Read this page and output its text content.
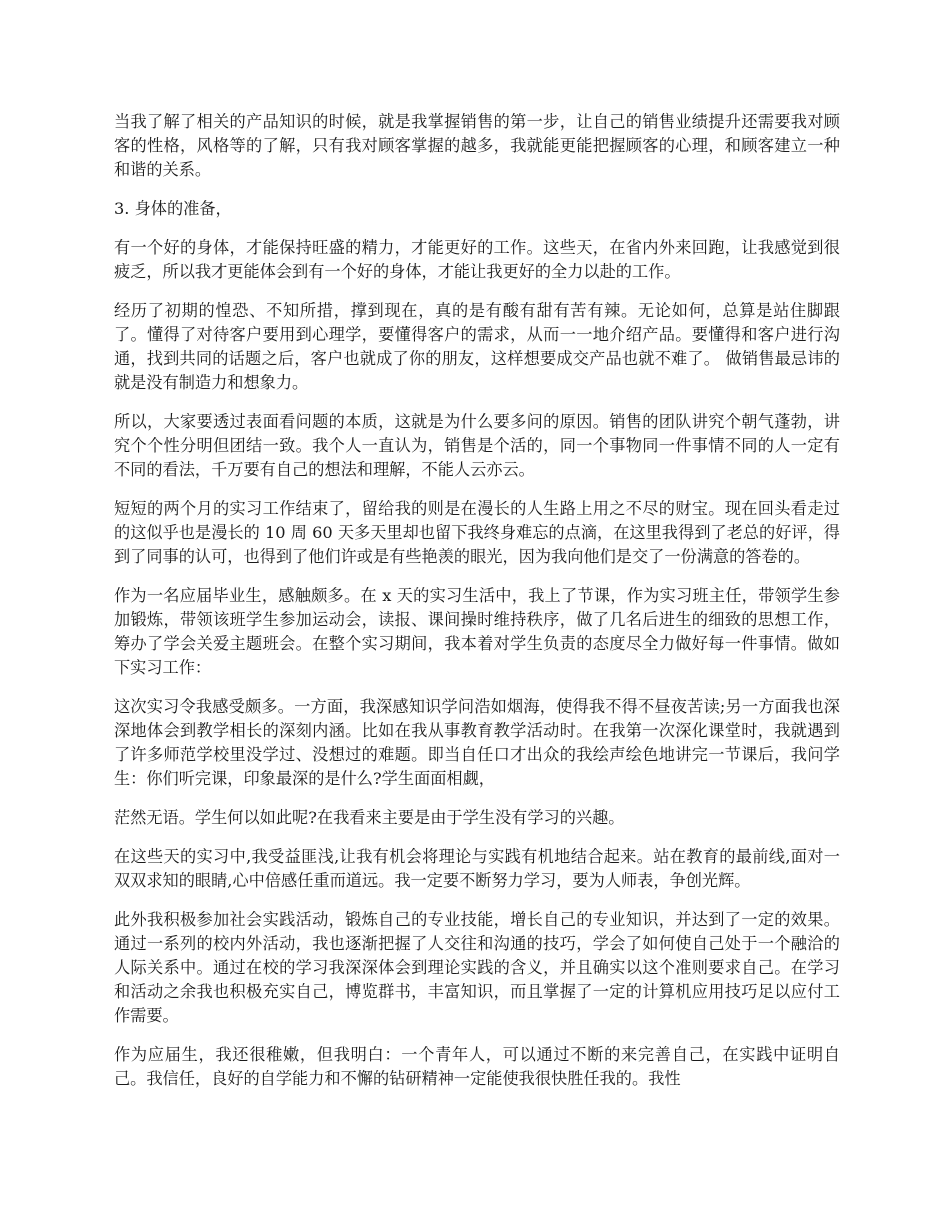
当我了解了相关的产品知识的时候，就是我掌握销售的第一步，让自己的销售业绩提升还需要我对顾客的性格，风格等的了解，只有我对顾客掌握的越多，我就能更能把握顾客的心理，和顾客建立一种和谐的关系。

3. 身体的准备，

有一个好的身体，才能保持旺盛的精力，才能更好的工作。这些天，在省内外来回跑，让我感觉到很疲乏，所以我才更能体会到有一个好的身体，才能让我更好的全力以赴的工作。

经历了初期的惶恐、不知所措，撑到现在，真的是有酸有甜有苦有辣。无论如何，总算是站住脚跟了。懂得了对待客户要用到心理学，要懂得客户的需求，从而一一地介绍产品。要懂得和客户进行沟通，找到共同的话题之后，客户也就成了你的朋友，这样想要成交产品也就不难了。 做销售最忌讳的就是没有制造力和想象力。

所以，大家要透过表面看问题的本质，这就是为什么要多问的原因。销售的团队讲究个朝气蓬勃，讲究个个性分明但团结一致。我个人一直认为，销售是个活的，同一个事物同一件事情不同的人一定有不同的看法，千万要有自己的想法和理解，不能人云亦云。

短短的两个月的实习工作结束了，留给我的则是在漫长的人生路上用之不尽的财宝。现在回头看走过的这似乎也是漫长的 10 周 60 天多天里却也留下我终身难忘的点滴，在这里我得到了老总的好评，得到了同事的认可，也得到了他们许或是有些艳羡的眼光，因为我向他们是交了一份满意的答卷的。

作为一名应届毕业生，感触颇多。在 x 天的实习生活中，我上了节课，作为实习班主任，带领学生参加锻炼，带领该班学生参加运动会，读报、课间操时维持秩序，做了几名后进生的细致的思想工作，筹办了学会关爱主题班会。在整个实习期间，我本着对学生负责的态度尽全力做好每一件事情。做如下实习工作：

这次实习令我感受颇多。一方面，我深感知识学问浩如烟海，使得我不得不昼夜苦读;另一方面我也深深地体会到教学相长的深刻内涵。比如在我从事教育教学活动时。在我第一次深化课堂时，我就遇到了许多师范学校里没学过、没想过的难题。即当自任口才出众的我绘声绘色地讲完一节课后，我问学生：你们听完课，印象最深的是什么?学生面面相觑，

茫然无语。学生何以如此呢?在我看来主要是由于学生没有学习的兴趣。

在这些天的实习中,我受益匪浅,让我有机会将理论与实践有机地结合起来。站在教育的最前线,面对一双双求知的眼睛,心中倍感任重而道远。我一定要不断努力学习，要为人师表，争创光辉。

此外我积极参加社会实践活动，锻炼自己的专业技能，增长自己的专业知识，并达到了一定的效果。通过一系列的校内外活动，我也逐渐把握了人交往和沟通的技巧，学会了如何使自己处于一个融洽的人际关系中。通过在校的学习我深深体会到理论实践的含义，并且确实以这个准则要求自己。在学习和活动之余我也积极充实自己，博览群书，丰富知识，而且掌握了一定的计算机应用技巧足以应付工作需要。

作为应届生，我还很稚嫩，但我明白：一个青年人，可以通过不断的来完善自己，在实践中证明自己。我信任，良好的自学能力和不懈的钻研精神一定能使我很快胜任我的。我性
